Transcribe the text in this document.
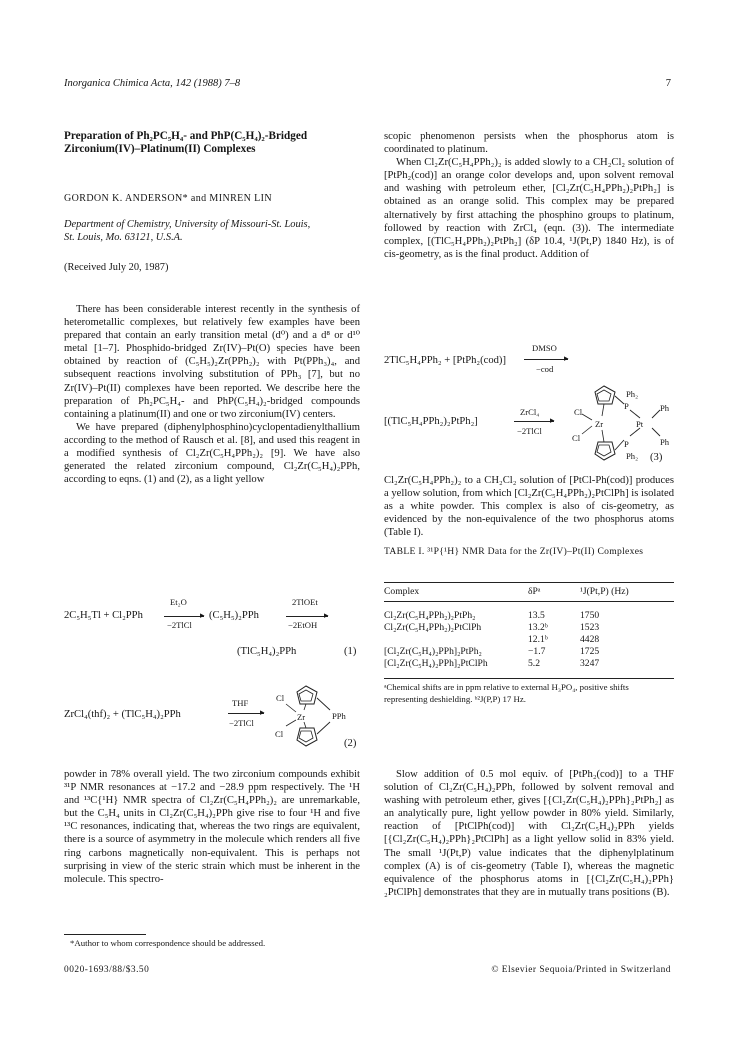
Inorganica Chimica Acta, 142 (1988) 7–8	7
Preparation of Ph₂PC₅H₄- and PhP(C₅H₄)₂-Bridged
Zirconium(IV)–Platinum(II) Complexes
GORDON K. ANDERSON* and MINREN LIN
Department of Chemistry, University of Missouri-St. Louis,
St. Louis, Mo. 63121, U.S.A.
(Received July 20, 1987)

There has been considerable interest recently in the synthesis of heterometallic complexes, but relatively few examples have been prepared that contain an early transition metal (d⁰) and a d⁸ or d¹⁰ metal [1–7]. Phosphido-bridged Zr(IV)–Pt(O) species have been obtained by reaction of (C₅H₅)₂Zr(PPh₂)₂ with Pt(PPh₃)₄, and subsequent reactions involving substitution of PPh₃ [7], but no Zr(IV)–Pt(II) complexes have been reported. We describe here the preparation of Ph₂PC₅H₄- and PhP(C₅H₄)₂-bridged compounds containing a platinum(II) and one or two zirconium(IV) centers.

We have prepared (diphenylphosphino)cyclopentadienylthallium according to the method of Rausch et al. [8], and used this reagent in a modified synthesis of Cl₂Zr(C₅H₄PPh₂)₂ [9]. We have also generated the related zirconium compound, Cl₂Zr(C₅H₄)₂PPh, according to eqns. (1) and (2), as a light yellow

2C₅H₅Tl + Cl₂PPh
Et₂O
▸
−2TlCl
(C₅H₅)₂PPh
2TlOEt
▸
−2EtOH
(TlC₅H₄)₂PPh	(1)
ZrCl₄(thf)₂ + (TlC₅H₄)₂PPh
THF
▸
−2TlCl
Cl
Cl
Zr	PPh
(2)

powder in 78% overall yield. The two zirconium compounds exhibit ³¹P NMR resonances at −17.2 and −28.9 ppm respectively. The ¹H and ¹³C{¹H} NMR spectra of Cl₂Zr(C₅H₄PPh₂)₂ are unremarkable, but the C₅H₄ units in Cl₂Zr(C₅H₄)₂PPh give rise to four ¹H and five ¹³C resonances, indicating that, whereas the two rings are equivalent, there is a source of asymmetry in the molecule which renders all five ring carbons magnetically non-equivalent. This is perhaps not surprising in view of the steric strain which must be inherent in the molecule. This spectro-

*Author to whom correspondence should be addressed.
0020-1693/88/$3.50

scopic phenomenon persists when the phosphorus atom is coordinated to platinum.

When Cl₂Zr(C₅H₄PPh₂)₂ is added slowly to a CH₂Cl₂ solution of [PtPh₂(cod)] an orange color develops and, upon solvent removal and washing with petroleum ether, [Cl₂Zr(C₅H₄PPh₂)₂PtPh₂] is obtained as an orange solid. This complex may be prepared alternatively by first attaching the phosphino groups to platinum, followed by reaction with ZrCl₄ (eqn. (3)). The intermediate complex, [(TlC₅H₄PPh₂)₂PtPh₂] (δP 10.4, ¹J(Pt,P) 1840 Hz), is of cis-geometry, as is the final product. Addition of

2TlC₅H₄PPh₂ + [PtPh₂(cod)]
DMSO
▸
−cod
[(TlC₅H₄PPh₂)₂PtPh₂]
ZrCl₄
▸
−2TlCl
Cl
Cl
Zr
P
P
Pt
Ph₂
Ph₂
Ph
Ph
(3)

Cl₂Zr(C₅H₄PPh₂)₂ to a CH₂Cl₂ solution of [PtCl-Ph(cod)] produces a yellow solution, from which [Cl₂Zr(C₅H₄PPh₂)₂PtClPh] is isolated as a white powder. This complex is also of cis-geometry, as evidenced by the non-equivalence of the two phosphorus atoms (Table I).

TABLE I. ³¹P{¹H} NMR Data for the Zr(IV)–Pt(II) Complexes
Complex	δPᵃ	¹J(Pt,P) (Hz)

Cl₂Zr(C₅H₄PPh₂)₂PtPh₂	13.5	1750
Cl₂Zr(C₅H₄PPh₂)₂PtClPh	13.2ᵇ	1523
	12.1ᵇ	4428
[Cl₂Zr(C₅H₄)₂PPh]₂PtPh₂	−1.7	1725
[Cl₂Zr(C₅H₄)₂PPh]₂PtClPh	5.2	3247
ᵃChemical shifts are in ppm relative to external H₃PO₄, positive shifts representing deshielding. ᵇ²J(P,P) 17 Hz.

Slow addition of 0.5 mol equiv. of [PtPh₂(cod)] to a THF solution of Cl₂Zr(C₅H₄)₂PPh, followed by solvent removal and washing with petroleum ether, gives [{Cl₂Zr(C₅H₄)₂PPh}₂PtPh₂] as an analytically pure, light yellow powder in 80% yield. Similarly, reaction of [PtClPh(cod)] with Cl₂Zr(C₅H₄)₂PPh yields [{Cl₂Zr(C₅H₄)₂PPh}₂PtClPh] as a light yellow solid in 83% yield. The small ¹J(Pt,P) value indicates that the diphenylplatinum complex (A) is of cis-geometry (Table I), whereas the magnetic equivalence of the phosphorus atoms in [{Cl₂Zr(C₅H₄)₂PPh}₂PtClPh] demonstrates that they are in mutually trans positions (B).

© Elsevier Sequoia/Printed in Switzerland
